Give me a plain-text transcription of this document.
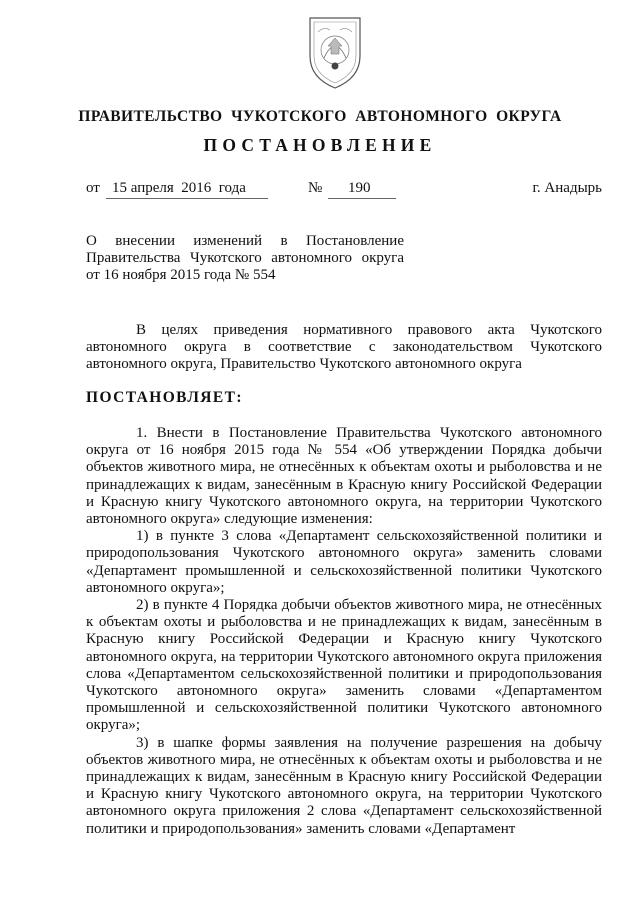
ПРАВИТЕЛЬСТВО  ЧУКОТСКОГО  АВТОНОМНОГО  ОКРУГА
ПОСТАНОВЛЕНИЕ
от 15 апреля  2016  года	№ 190	г. Анадырь
О внесении изменений в Постановление
Правительства Чукотского автономного округа
от 16 ноября 2015 года № 554

В целях приведения нормативного правового акта Чукотского автономного округа в соответствие с законодательством Чукотского автономного округа, Правительство Чукотского автономного округа

ПОСТАНОВЛЯЕТ:

1. Внести в Постановление Правительства Чукотского автономного округа от 16 ноября 2015 года № 554 «Об утверждении Порядка добычи объектов животного мира, не отнесённых к объектам охоты и рыболовства и не принадлежащих к видам, занесённым в Красную книгу Российской Федерации и Красную книгу Чукотского автономного округа, на территории Чукотского автономного округа» следующие изменения:

1) в пункте 3 слова «Департамент сельскохозяйственной политики и природопользования Чукотского автономного округа» заменить словами «Департамент промышленной и сельскохозяйственной политики Чукотского автономного округа»;

2) в пункте 4 Порядка добычи объектов животного мира, не отнесённых к объектам охоты и рыболовства и не принадлежащих к видам, занесённым в Красную книгу Российской Федерации и Красную книгу Чукотского автономного округа, на территории Чукотского автономного округа приложения слова «Департаментом сельскохозяйственной политики и природопользования Чукотского автономного округа» заменить словами «Департаментом промышленной и сельскохозяйственной политики Чукотского автономного округа»;

3) в шапке формы заявления на получение разрешения на добычу объектов животного мира, не отнесённых к объектам охоты и рыболовства и не принадлежащих к видам, занесённым в Красную книгу Российской Федерации и Красную книгу Чукотского автономного округа, на территории Чукотского автономного округа приложения 2 слова «Департамент сельскохозяйственной политики и природопользования» заменить словами «Департамент
